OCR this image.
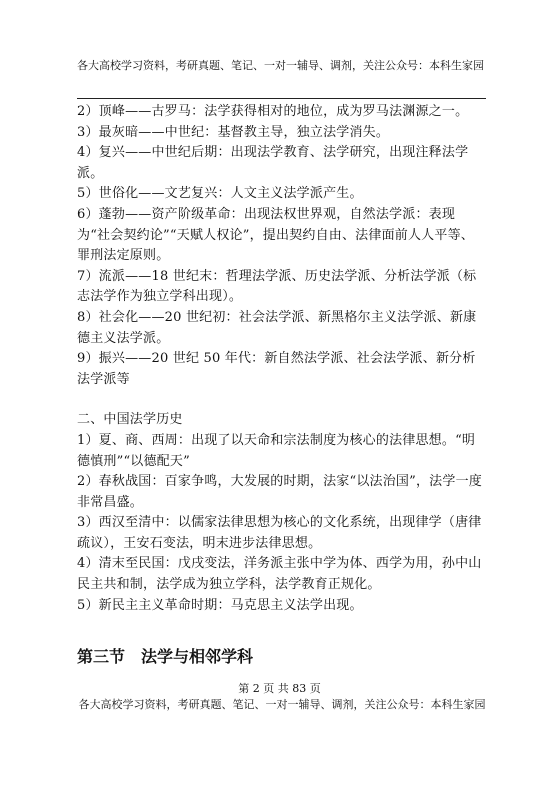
各大高校学习资料，考研真题、笔记、一对一辅导、调剂，关注公众号：本科生家园

2）顶峰——古罗马：法学获得相对的地位，成为罗马法渊源之一。

3）最灰暗——中世纪：基督教主导，独立法学消失。

4）复兴——中世纪后期：出现法学教育、法学研究，出现注释法学派。

5）世俗化——文艺复兴：人文主义法学派产生。

6）蓬勃——资产阶级革命：出现法权世界观，自然法学派：表现为“社会契约论”“天赋人权论”，提出契约自由、法律面前人人平等、罪刑法定原则。

7）流派——18 世纪末：哲理法学派、历史法学派、分析法学派（标志法学作为独立学科出现）。

8）社会化——20 世纪初：社会法学派、新黑格尔主义法学派、新康德主义法学派。

9）振兴——20 世纪 50 年代：新自然法学派、社会法学派、新分析法学派等

二、中国法学历史

1）夏、商、西周：出现了以天命和宗法制度为核心的法律思想。“明德慎刑”“以德配天”

2）春秋战国：百家争鸣，大发展的时期，法家“以法治国”，法学一度非常昌盛。

3）西汉至清中：以儒家法律思想为核心的文化系统，出现律学（唐律疏议），王安石变法，明末进步法律思想。

4）清末至民国：戊戌变法，洋务派主张中学为体、西学为用，孙中山民主共和制，法学成为独立学科，法学教育正规化。

5）新民主主义革命时期：马克思主义法学出现。

第三节　法学与相邻学科
第 2 页 共 83 页
各大高校学习资料，考研真题、笔记、一对一辅导、调剂，关注公众号：本科生家园
